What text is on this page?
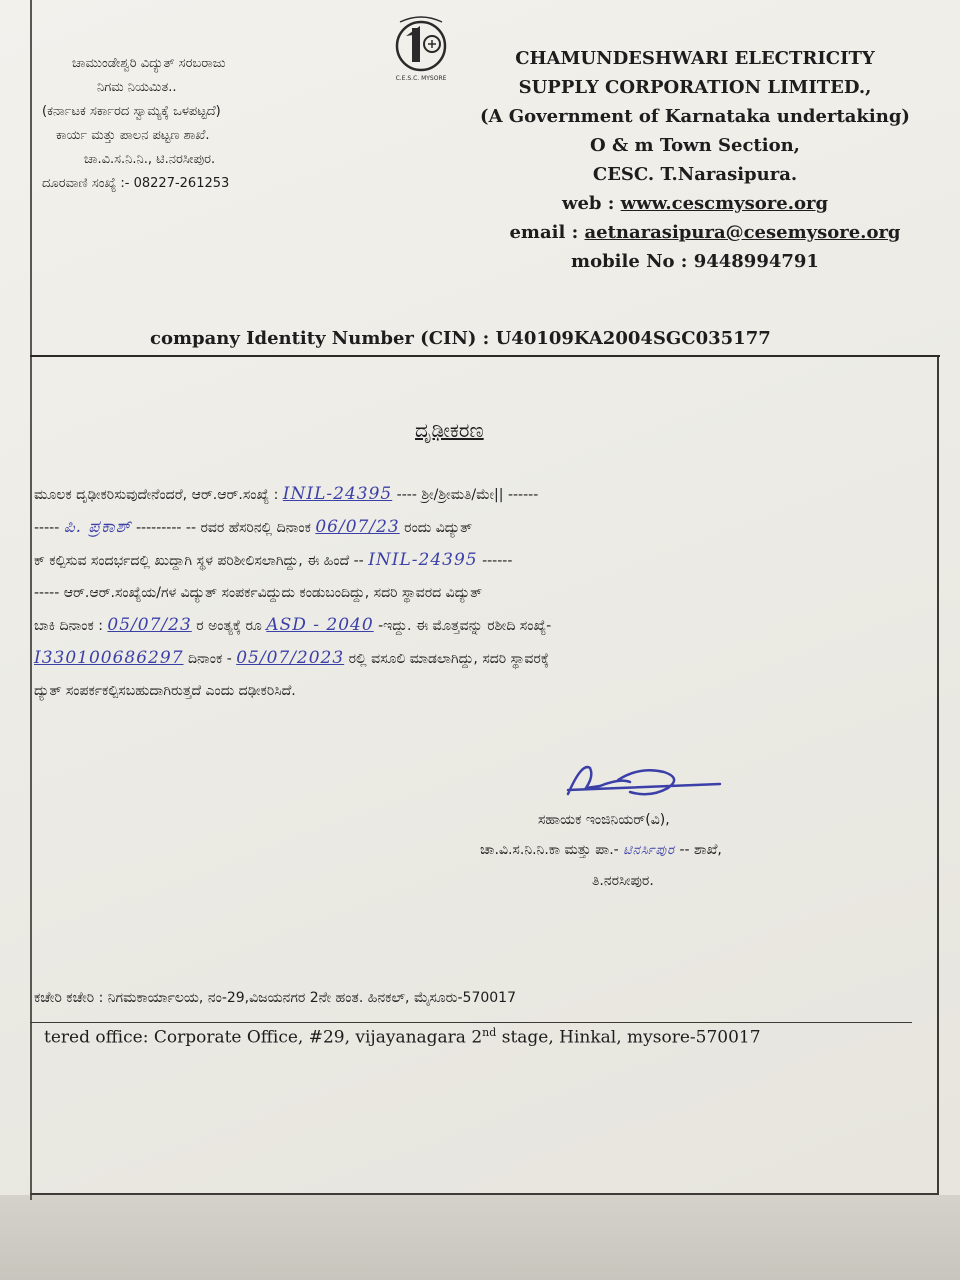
ಚಾಮುಂಡೇಶ್ವರಿ ವಿದ್ಯುತ್ ಸರಬರಾಜು
ನಿಗಮ ನಿಯಮಿತ..
(ಕರ್ನಾಟಕ ಸರ್ಕಾರದ ಸ್ವಾಮ್ಯಕ್ಕೆ ಒಳಪಟ್ಟದೆ)
ಕಾರ್ಯ ಮತ್ತು ಪಾಲನ ಪಟ್ಟಣ ಶಾಖೆ.
ಚಾ.ವಿ.ಸ.ನಿ.ನಿ., ಟಿ.ನರಸೀಪುರ.
ದೂರವಾಣಿ ಸಂಖ್ಯೆ :- 08227-261253
C.E.S.C. MYSORE
CHAMUNDESHWARI ELECTRICITY
SUPPLY CORPORATION LIMITED.,
(A Government of Karnataka undertaking)
O & m Town Section,
CESC. T.Narasipura.
web : www.cescmysore.org
email : aetnarasipura@cesemysore.org
mobile No : 9448994791
company Identity Number (CIN) : U40109KA2004SGC035177
ದೃಢೀಕರಣ
ಮೂಲಕ ದೃಢೀಕರಿಸುವುದೇನೆಂದರೆ, ಆರ್.ಆರ್.ಸಂಖ್ಯೆ : INIL-24395 ---- ಶ್ರೀ/ಶ್ರೀಮತಿ/ಮೇ|| ------
----- ಪಿ. ಪ್ರಕಾಶ್ --------- -- ರವರ ಹೆಸರಿನಲ್ಲಿ ದಿನಾಂಕ 06/07/23 ರಂದು ವಿದ್ಯುತ್
ಕ್ ಕಲ್ಪಿಸುವ ಸಂದರ್ಭದಲ್ಲಿ ಖುದ್ದಾಗಿ ಸ್ಥಳ ಪರಿಶೀಲಿಸಲಾಗಿದ್ದು, ಈ ಹಿಂದೆ -- INIL-24395 ------
----- ಆರ್.ಆರ್.ಸಂಖ್ಯೆಯ/ಗಳ ವಿದ್ಯುತ್ ಸಂಪರ್ಕವಿದ್ದುದು ಕಂಡುಬಂದಿದ್ದು, ಸದರಿ ಸ್ಥಾವರದ ವಿದ್ಯುತ್
ಬಾಕಿ ದಿನಾಂಕ : 05/07/23 ರ ಅಂತ್ಯಕ್ಕೆ ರೂ ASD - 2040 -ಇದ್ದು. ಈ ಮೊತ್ತವನ್ನು ರಶೀದಿ ಸಂಖ್ಯೆ-
I330100686297 ದಿನಾಂಕ - 05/07/2023 ರಲ್ಲಿ ವಸೂಲಿ ಮಾಡಲಾಗಿದ್ದು, ಸದರಿ ಸ್ಥಾವರಕ್ಕೆ
ದ್ಯುತ್ ಸಂಪರ್ಕಕಲ್ಪಿಸಬಹುದಾಗಿರುತ್ತದೆ ಎಂದು ದಢೀಕರಿಸಿದೆ.
ಸಹಾಯಕ ಇಂಜಿನಿಯರ್(ವಿ),
ಚಾ.ವಿ.ಸ.ನಿ.ನಿ.ಕಾ ಮತ್ತು ಪಾ.- ಟಿನರ್ಸಿಪುರ -- ಶಾಖೆ,
ತಿ.ನರಸೀಪುರ.
ಕಚೇರಿ ಕಚೇರಿ : ನಿಗಮಕಾರ್ಯಾಲಯ, ನಂ-29,ವಿಜಯನಗರ 2ನೇ ಹಂತ. ಹಿನಕಲ್, ಮೈಸೂರು-570017
tered office: Corporate Office, #29, vijayanagara 2nd stage, Hinkal, mysore-570017
